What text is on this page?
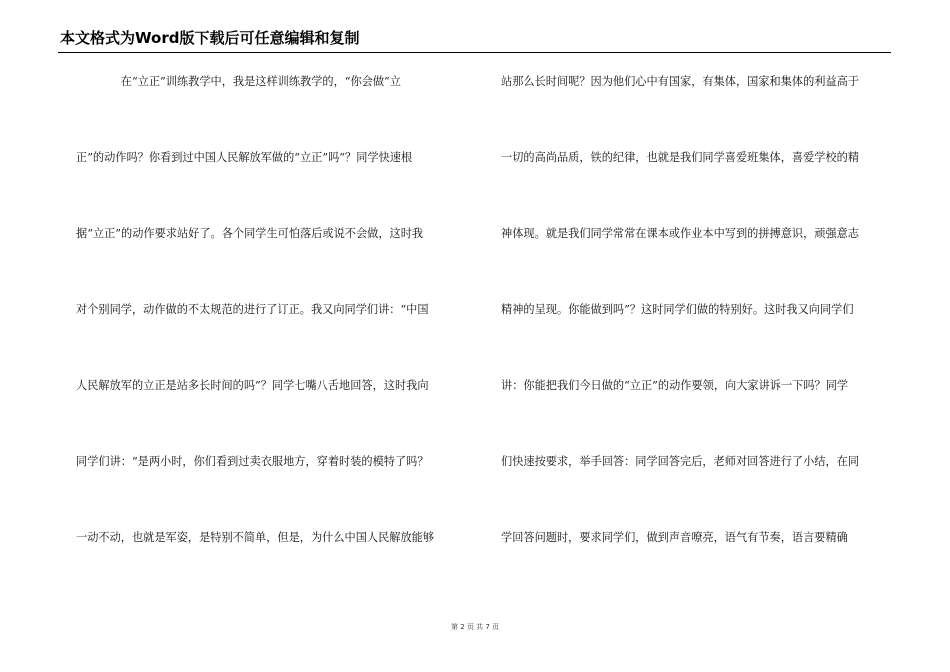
本文格式为Word版下载后可任意编辑和复制
　　　　在“立正”训练教学中，我是这样训练教学的，“你会做“立
正”的动作吗？你看到过中国人民解放军做的“立正”吗“？同学快速根
据“立正”的动作要求站好了。各个同学生可怕落后或说不会做，这时我
对个别同学，动作做的不太规范的进行了订正。我又向同学们讲：“中国
人民解放军的立正是站多长时间的吗”？同学七嘴八舌地回答，这时我向
同学们讲：“是两小时，你们看到过卖衣服地方，穿着时装的模特了吗？
一动不动，也就是军姿，是特别不简单，但是，为什么中国人民解放能够
站那么长时间呢？因为他们心中有国家，有集体，国家和集体的利益高于
一切的高尚品质，铁的纪律，也就是我们同学喜爱班集体，喜爱学校的精
神体现。就是我们同学常常在课本或作业本中写到的拼搏意识，顽强意志
精神的呈现。你能做到吗”？这时同学们做的特别好。这时我又向同学们
讲：你能把我们今日做的“立正”的动作要领，向大家讲诉一下吗？同学
们快速按要求，举手回答：同学回答完后，老师对回答进行了小结，在同
学回答问题时，要求同学们，做到声音嘹亮，语气有节奏，语言要精确
第 2 页 共 7 页
